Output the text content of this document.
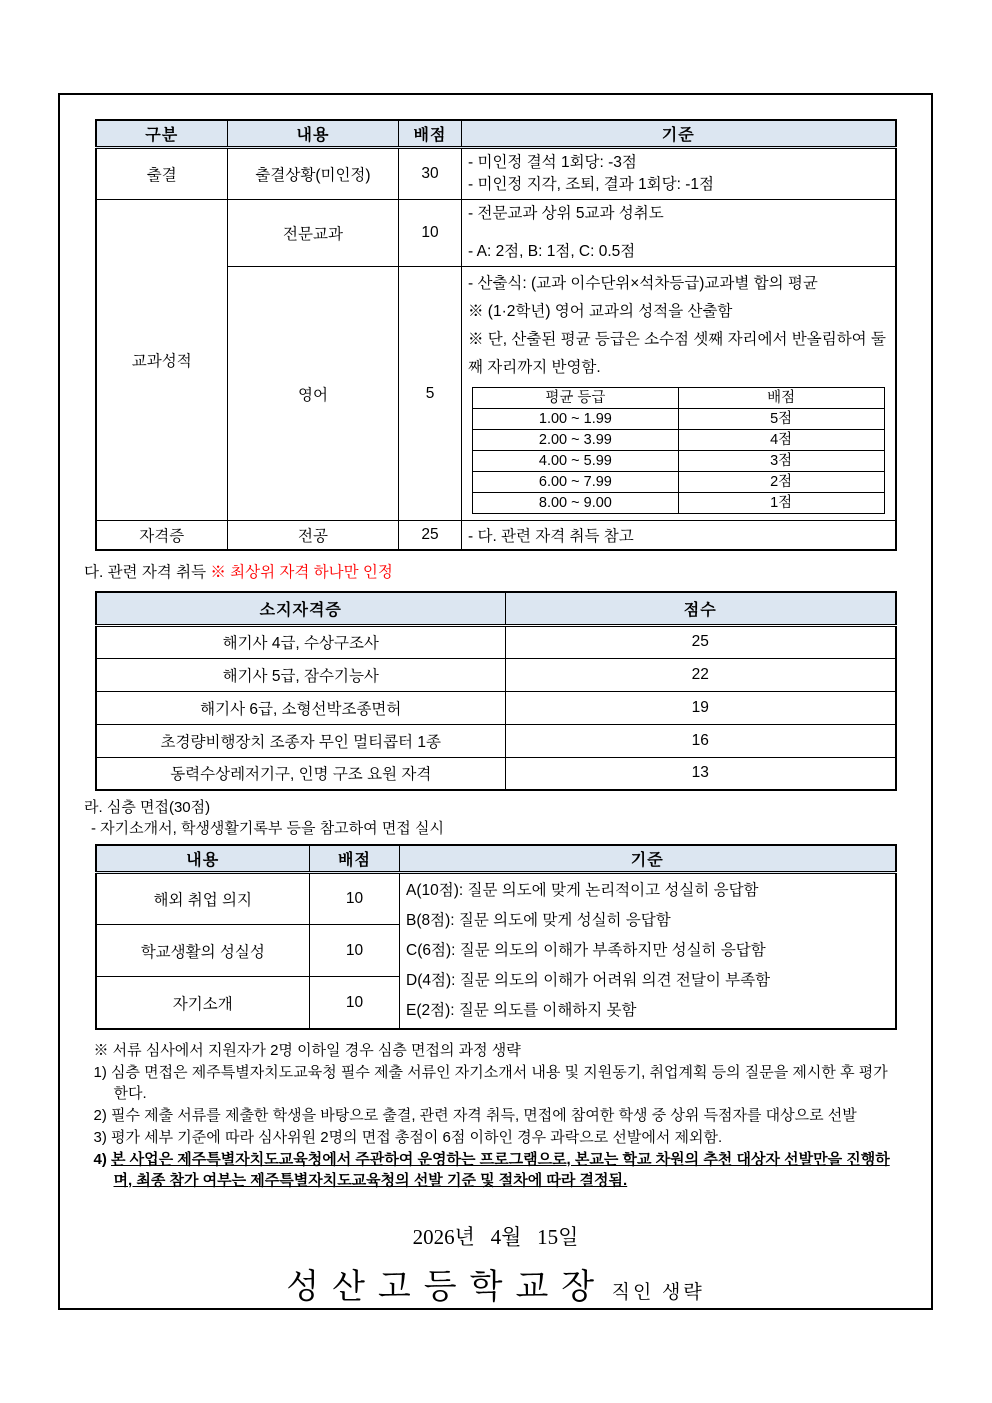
구분	내용	배점	기준
출결	출결상황(미인정)	30	
- 미인정 결석 1회당: -3점
- 미인정 지각, 조퇴, 결과 1회당: -1점

교과성적	전문교과	10	
- 전문교과 상위 5교과 성취도
- A: 2점, B: 1점, C: 0.5점

영어	5	
- 산출식: (교과 이수단위×석차등급)교과별 합의 평균
※ (1·2학년) 영어 교과의 성적을 산출함
※ 단, 산출된 평균 등급은 소수점 셋째 자리에서 반올림하여 둘째 자리까지 반영함.
평균 등급	배점
1.00 ~ 1.99	5점
2.00 ~ 3.99	4점
4.00 ~ 5.99	3점
6.00 ~ 7.99	2점
8.00 ~ 9.00	1점

자격증	전공	25	- 다. 관련 자격 취득 참고
다. 관련 자격 취득 ※ 최상위 자격 하나만 인정
소지자격증	점수
해기사 4급, 수상구조사	25
해기사 5급, 잠수기능사	22
해기사 6급, 소형선박조종면허	19
초경량비행장치 조종자 무인 멀티콥터 1종	16
동력수상레저기구, 인명 구조 요원 자격	13
라. 심층 면접(30점)
- 자기소개서, 학생생활기록부 등을 참고하여 면접 실시
내용	배점	기준
해외 취업 의지	10	A(10점): 질문 의도에 맞게 논리적이고 성실히 응답함
B(8점): 질문 의도에 맞게 성실히 응답함
C(6점): 질문 의도의 이해가 부족하지만 성실히 응답함
D(4점): 질문 의도의 이해가 어려워 의견 전달이 부족함
E(2점): 질문 의도를 이해하지 못함

학교생활의 성실성	10	
자기소개	10	
※ 서류 심사에서 지원자가 2명 이하일 경우 심층 면접의 과정 생략
1) 심층 면접은 제주특별자치도교육청 필수 제출 서류인 자기소개서 내용 및 지원동기, 취업계획 등의 질문을 제시한 후 평가한다.
2) 필수 제출 서류를 제출한 학생을 바탕으로 출결, 관련 자격 취득, 면접에 참여한 학생 중 상위 득점자를 대상으로 선발
3) 평가 세부 기준에 따라 심사위원 2명의 면접 총점이 6점 이하인 경우 과락으로 선발에서 제외함.
4) 본 사업은 제주특별자치도교육청에서 주관하여 운영하는 프로그램으로, 본교는 학교 차원의 추천 대상자 선발만을 진행하며, 최종 참가 여부는 제주특별자치도교육청의 선발 기준 및 절차에 따라 결정됨.
2026년   4월   15일
성산고등학교장 직인 생략
